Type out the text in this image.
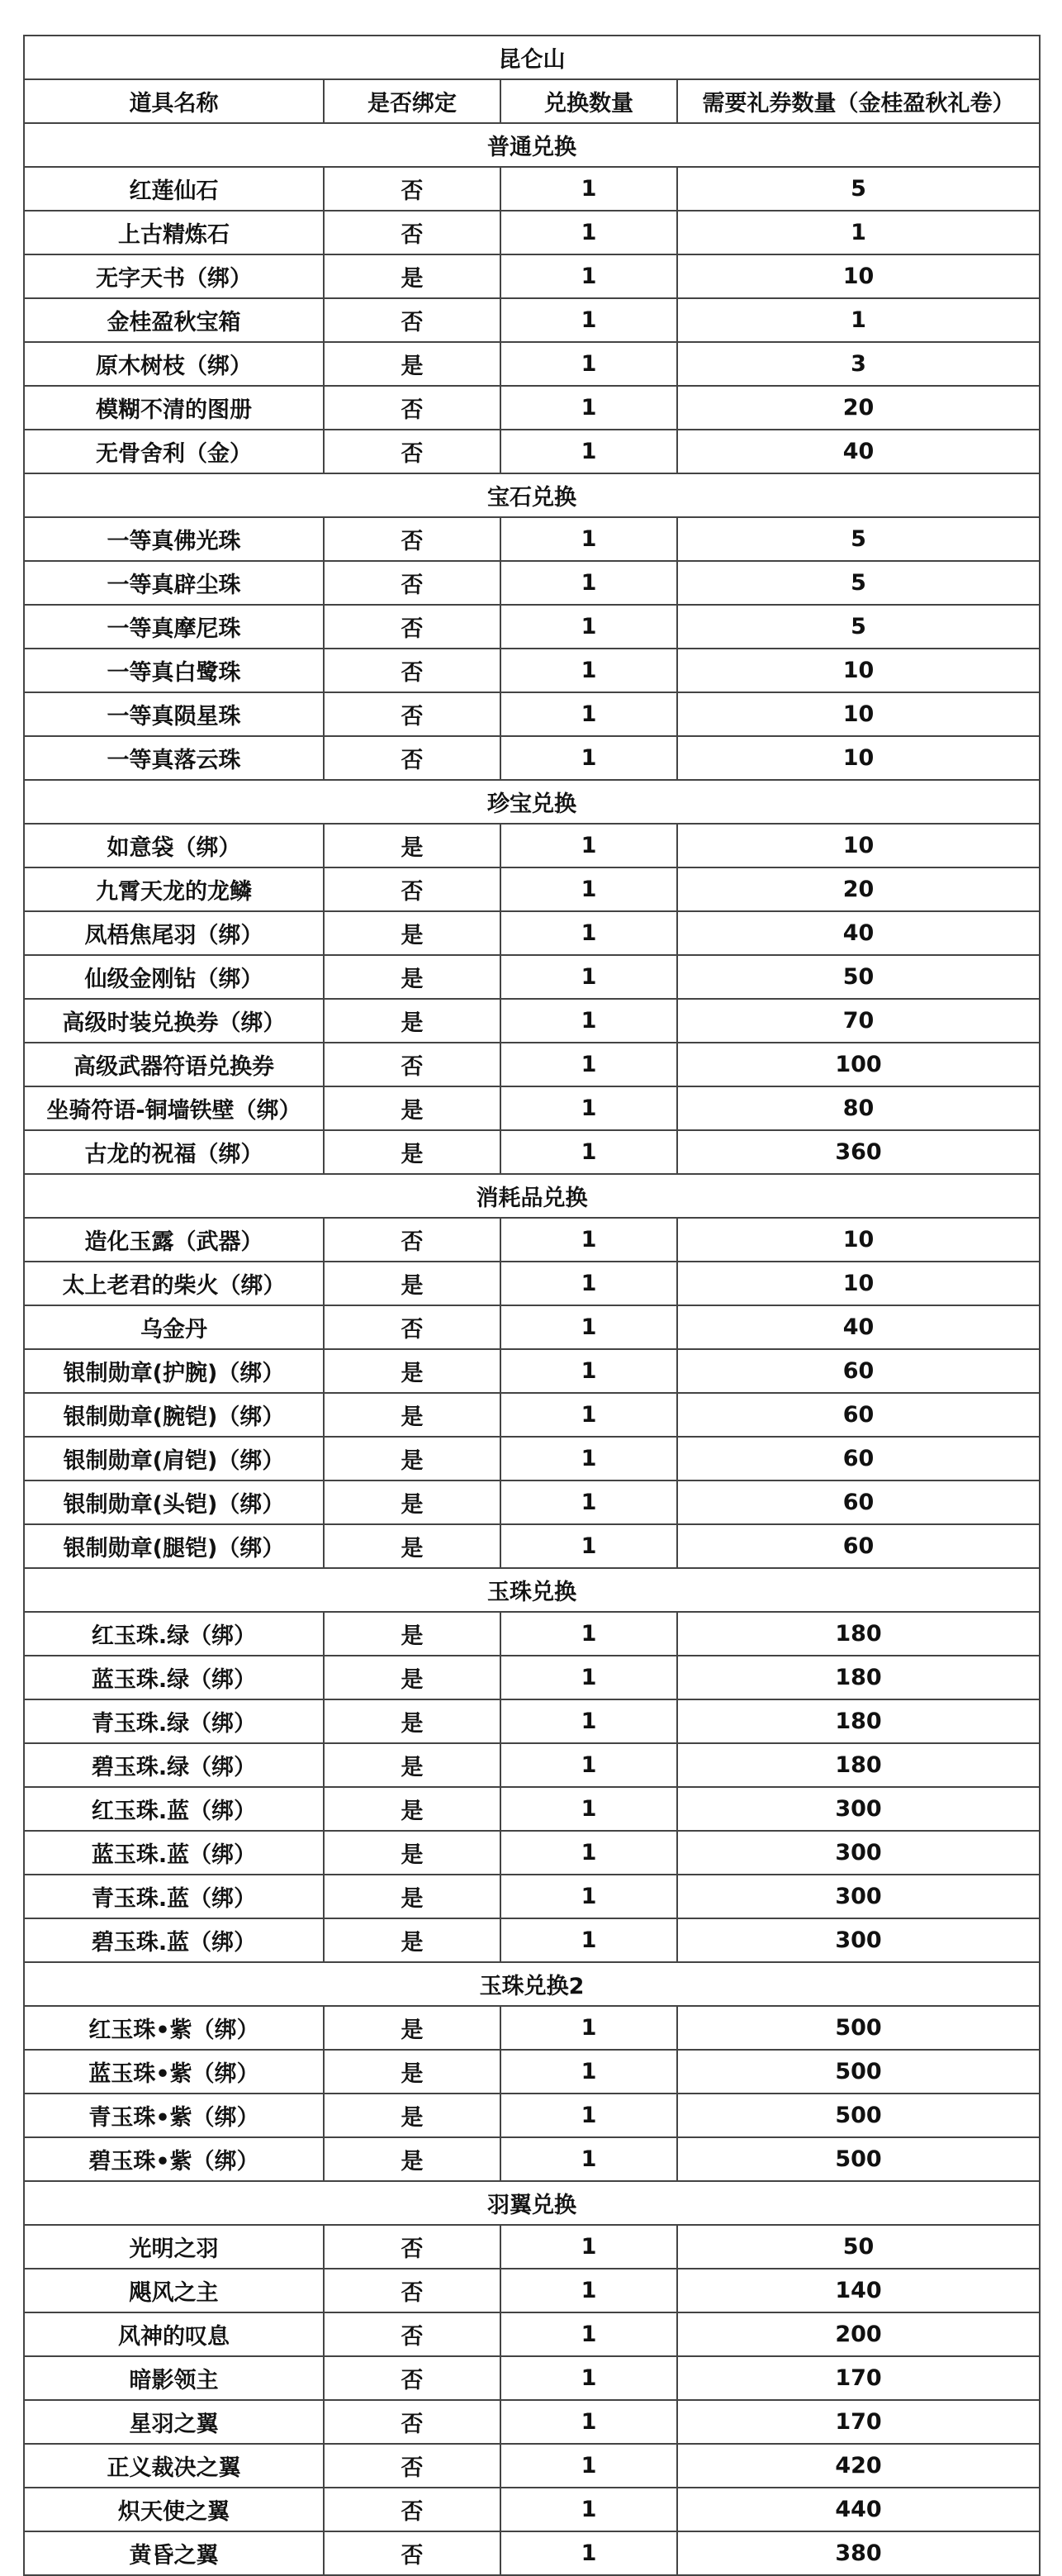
昆仑山			
道具名称	是否绑定	兑换数量	需要礼券数量（金桂盈秋礼卷）
普通兑换			
红莲仙石	否	1	5
上古精炼石	否	1	1
无字天书（绑）	是	1	10
金桂盈秋宝箱	否	1	1
原木树枝（绑）	是	1	3
模糊不清的图册	否	1	20
无骨舍利（金）	否	1	40
宝石兑换			
一等真佛光珠	否	1	5
一等真辟尘珠	否	1	5
一等真摩尼珠	否	1	5
一等真白鹭珠	否	1	10
一等真陨星珠	否	1	10
一等真落云珠	否	1	10
珍宝兑换			
如意袋（绑）	是	1	10
九霄天龙的龙鳞	否	1	20
凤梧焦尾羽（绑）	是	1	40
仙级金刚钻（绑）	是	1	50
高级时装兑换券（绑）	是	1	70
高级武器符语兑换券	否	1	100
坐骑符语-铜墙铁壁（绑）	是	1	80
古龙的祝福（绑）	是	1	360
消耗品兑换			
造化玉露（武器）	否	1	10
太上老君的柴火（绑）	是	1	10
乌金丹	否	1	40
银制勋章(护腕)（绑）	是	1	60
银制勋章(腕铠)（绑）	是	1	60
银制勋章(肩铠)（绑）	是	1	60
银制勋章(头铠)（绑）	是	1	60
银制勋章(腿铠)（绑）	是	1	60
玉珠兑换			
红玉珠.绿（绑）	是	1	180
蓝玉珠.绿（绑）	是	1	180
青玉珠.绿（绑）	是	1	180
碧玉珠.绿（绑）	是	1	180
红玉珠.蓝（绑）	是	1	300
蓝玉珠.蓝（绑）	是	1	300
青玉珠.蓝（绑）	是	1	300
碧玉珠.蓝（绑）	是	1	300
玉珠兑换2			
红玉珠•紫（绑）	是	1	500
蓝玉珠•紫（绑）	是	1	500
青玉珠•紫（绑）	是	1	500
碧玉珠•紫（绑）	是	1	500
羽翼兑换			
光明之羽	否	1	50
飓风之主	否	1	140
风神的叹息	否	1	200
暗影领主	否	1	170
星羽之翼	否	1	170
正义裁决之翼	否	1	420
炽天使之翼	否	1	440
黄昏之翼	否	1	380
